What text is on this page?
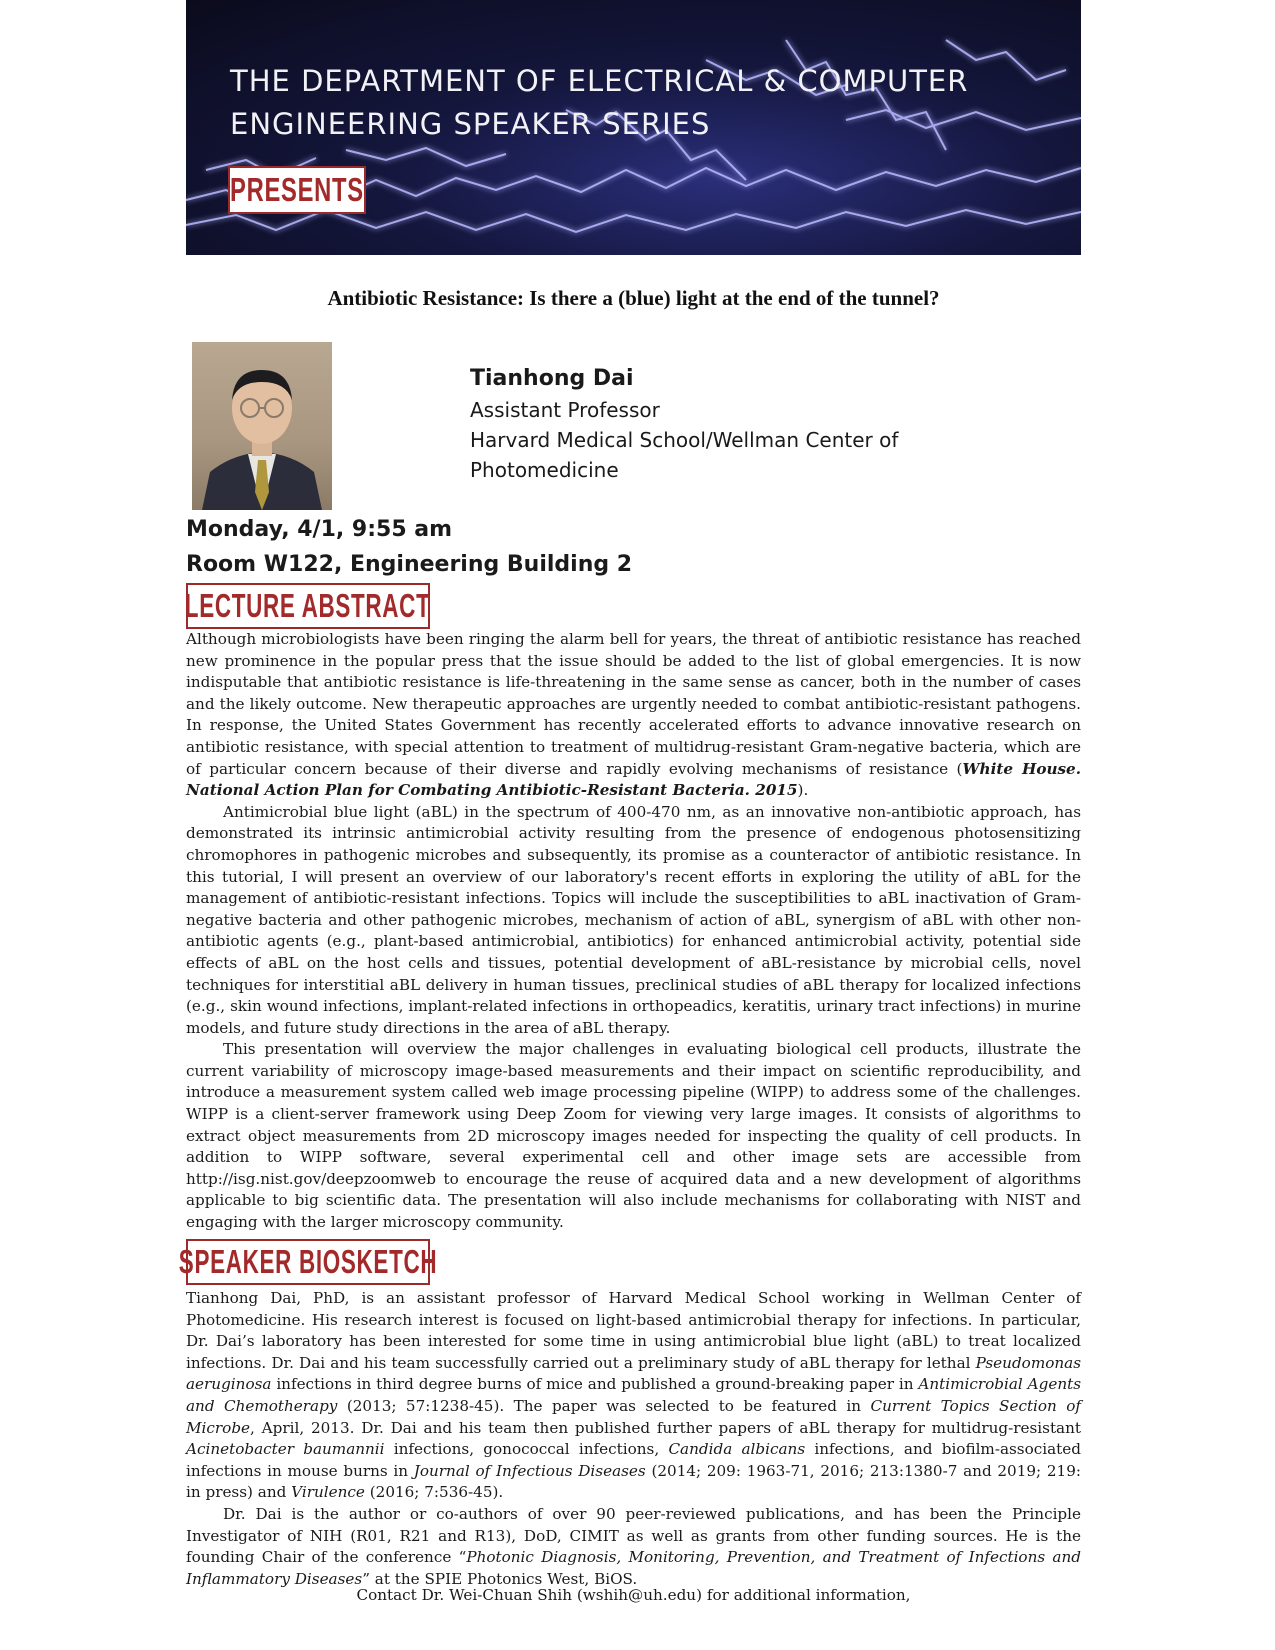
THE DEPARTMENT OF ELECTRICAL & COMPUTER
ENGINEERING SPEAKER SERIES
PRESENTS
Antibiotic Resistance: Is there a (blue) light at the end of the tunnel?
Tianhong Dai
Assistant Professor
Harvard Medical School/Wellman Center of
Photomedicine
Monday, 4/1, 9:55 am
Room W122, Engineering Building 2
LECTURE ABSTRACT

Although microbiologists have been ringing the alarm bell for years, the threat of antibiotic resistance has reached new prominence in the popular press that the issue should be added to the list of global emergencies. It is now indisputable that antibiotic resistance is life-threatening in the same sense as cancer, both in the number of cases and the likely outcome. New therapeutic approaches are urgently needed to combat antibiotic-resistant pathogens. In response, the United States Government has recently accelerated efforts to advance innovative research on antibiotic resistance, with special attention to treatment of multidrug-resistant Gram-negative bacteria, which are of particular concern because of their diverse and rapidly evolving mechanisms of resistance (White House. National Action Plan for Combating Antibiotic-Resistant Bacteria. 2015).

Antimicrobial blue light (aBL) in the spectrum of 400-470 nm, as an innovative non-antibiotic approach, has demonstrated its intrinsic antimicrobial activity resulting from the presence of endogenous photosensitizing chromophores in pathogenic microbes and subsequently, its promise as a counteractor of antibiotic resistance. In this tutorial, I will present an overview of our laboratory's recent efforts in exploring the utility of aBL for the management of antibiotic-resistant infections. Topics will include the susceptibilities to aBL inactivation of Gram-negative bacteria and other pathogenic microbes, mechanism of action of aBL, synergism of aBL with other non-antibiotic agents (e.g., plant-based antimicrobial, antibiotics) for enhanced antimicrobial activity, potential side effects of aBL on the host cells and tissues, potential development of aBL-resistance by microbial cells, novel techniques for interstitial aBL delivery in human tissues, preclinical studies of aBL therapy for localized infections (e.g., skin wound infections, implant-related infections in orthopeadics, keratitis, urinary tract infections) in murine models, and future study directions in the area of aBL therapy.

This presentation will overview the major challenges in evaluating biological cell products, illustrate the current variability of microscopy image-based measurements and their impact on scientific reproducibility, and introduce a measurement system called web image processing pipeline (WIPP) to address some of the challenges. WIPP is a client-server framework using Deep Zoom for viewing very large images. It consists of algorithms to extract object measurements from 2D microscopy images needed for inspecting the quality of cell products. In addition to WIPP software, several experimental cell and other image sets are accessible from http://isg.nist.gov/deepzoomweb to encourage the reuse of acquired data and a new development of algorithms applicable to big scientific data. The presentation will also include mechanisms for collaborating with NIST and engaging with the larger microscopy community.

SPEAKER BIOSKETCH

Tianhong Dai, PhD, is an assistant professor of Harvard Medical School working in Wellman Center of Photomedicine. His research interest is focused on light-based antimicrobial therapy for infections. In particular, Dr. Dai’s laboratory has been interested for some time in using antimicrobial blue light (aBL) to treat localized infections. Dr. Dai and his team successfully carried out a preliminary study of aBL therapy for lethal Pseudomonas aeruginosa infections in third degree burns of mice and published a ground-breaking paper in Antimicrobial Agents and Chemotherapy (2013; 57:1238-45). The paper was selected to be featured in Current Topics Section of Microbe, April, 2013. Dr. Dai and his team then published further papers of aBL therapy for multidrug-resistant Acinetobacter baumannii infections, gonococcal infections, Candida albicans infections, and biofilm-associated infections in mouse burns in Journal of Infectious Diseases (2014; 209: 1963-71, 2016; 213:1380-7 and 2019; 219: in press) and Virulence (2016; 7:536-45).

Dr. Dai is the author or co-authors of over 90 peer-reviewed publications, and has been the Principle Investigator of NIH (R01, R21 and R13), DoD, CIMIT as well as grants from other funding sources. He is the founding Chair of the conference “Photonic Diagnosis, Monitoring, Prevention, and Treatment of Infections and Inflammatory Diseases” at the SPIE Photonics West, BiOS.

Contact Dr. Wei-Chuan Shih (wshih@uh.edu) for additional information,
